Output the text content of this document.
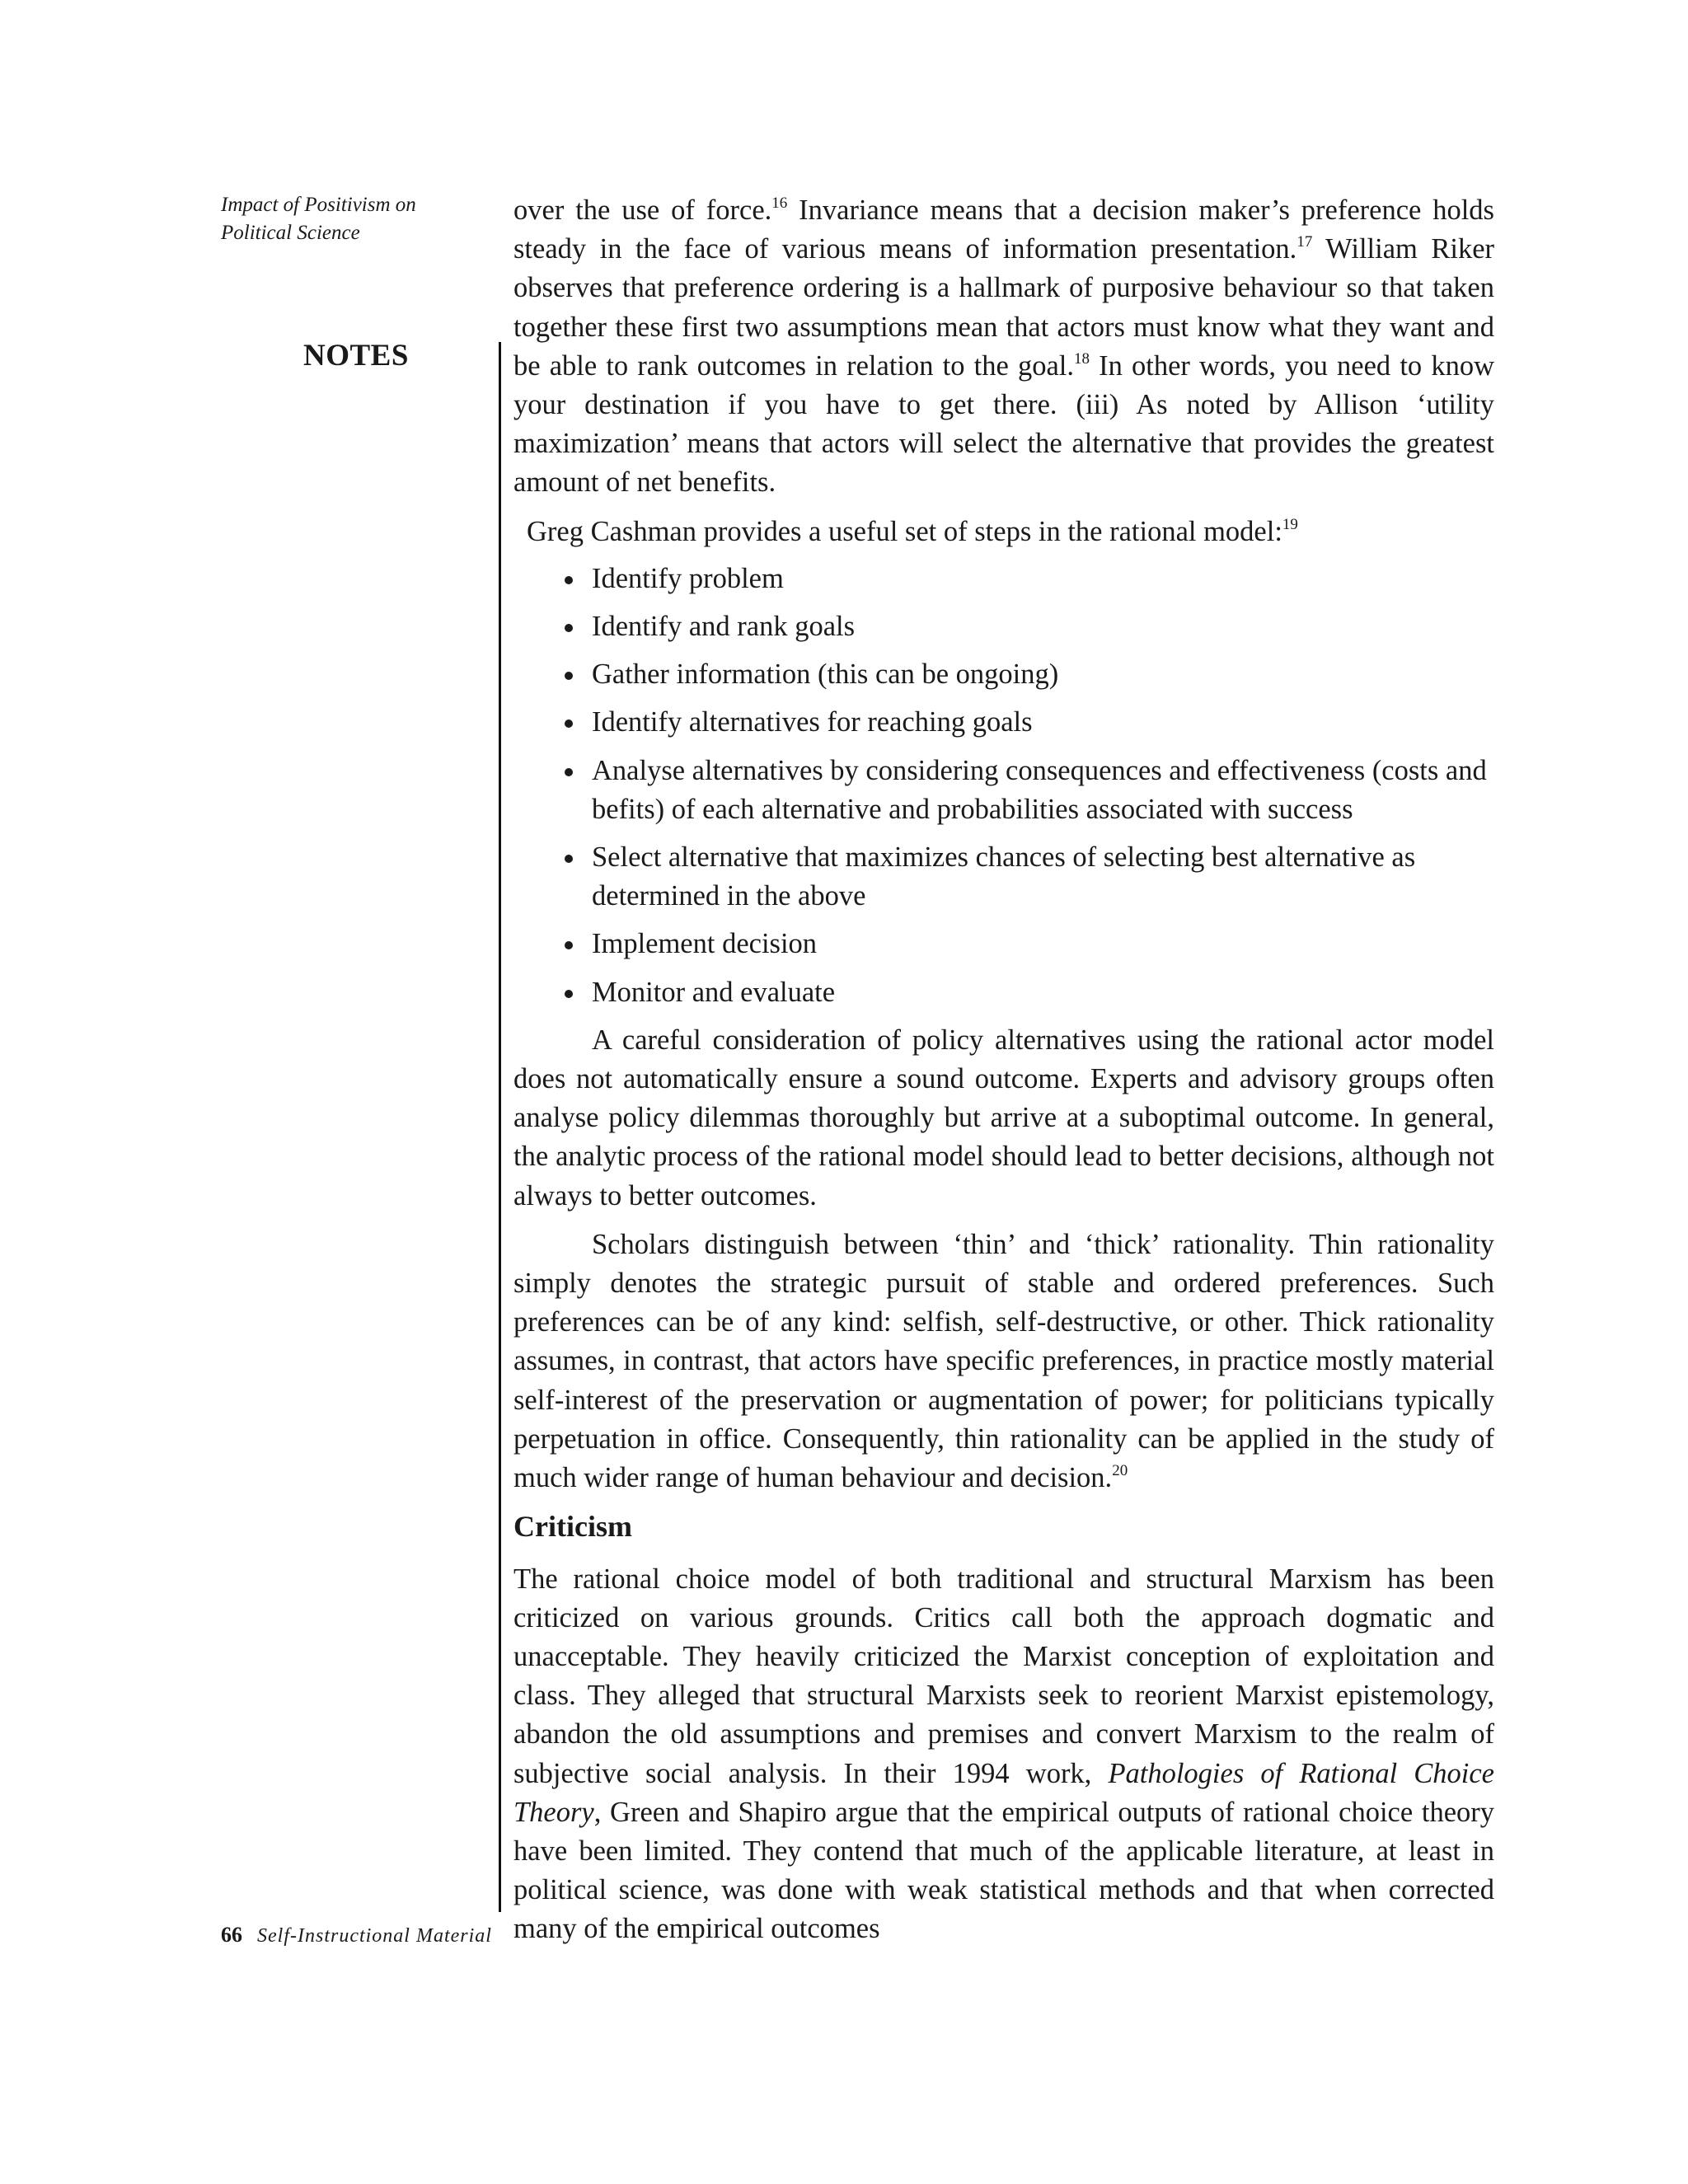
Impact of Positivism on Political Science
NOTES

over the use of force.$^{16}$ Invariance means that a decision maker’s preference holds steady in the face of various means of information presentation.$^{17}$ William Riker observes that preference ordering is a hallmark of purposive behaviour so that taken together these first two assumptions mean that actors must know what they want and be able to rank outcomes in relation to the goal.$^{18}$ In other words, you need to know your destination if you have to get there. (iii) As noted by Allison ‘utility maximization’ means that actors will select the alternative that provides the greatest amount of net benefits.

Greg Cashman provides a useful set of steps in the rational model:$^{19}$

Identify problem
Identify and rank goals
Gather information (this can be ongoing)
Identify alternatives for reaching goals
Analyse alternatives by considering consequences and effectiveness (costs and befits) of each alternative and probabilities associated with success
Select alternative that maximizes chances of selecting best alternative as determined in the above
Implement decision
Monitor and evaluate

A careful consideration of policy alternatives using the rational actor model does not automatically ensure a sound outcome. Experts and advisory groups often analyse policy dilemmas thoroughly but arrive at a suboptimal outcome. In general, the analytic process of the rational model should lead to better decisions, although not always to better outcomes.

Scholars distinguish between ‘thin’ and ‘thick’ rationality. Thin rationality simply denotes the strategic pursuit of stable and ordered preferences. Such preferences can be of any kind: selfish, self-destructive, or other. Thick rationality assumes, in contrast, that actors have specific preferences, in practice mostly material self-interest of the preservation or augmentation of power; for politicians typically perpetuation in office. Consequently, thin rationality can be applied in the study of much wider range of human behaviour and decision.$^{20}$

Criticism

The rational choice model of both traditional and structural Marxism has been criticized on various grounds. Critics call both the approach dogmatic and unacceptable. They heavily criticized the Marxist conception of exploitation and class. They alleged that structural Marxists seek to reorient Marxist epistemology, abandon the old assumptions and premises and convert Marxism to the realm of subjective social analysis. In their 1994 work, Pathologies of Rational Choice Theory, Green and Shapiro argue that the empirical outputs of rational choice theory have been limited. They contend that much of the applicable literature, at least in political science, was done with weak statistical methods and that when corrected many of the empirical outcomes

66 Self-Instructional Material
